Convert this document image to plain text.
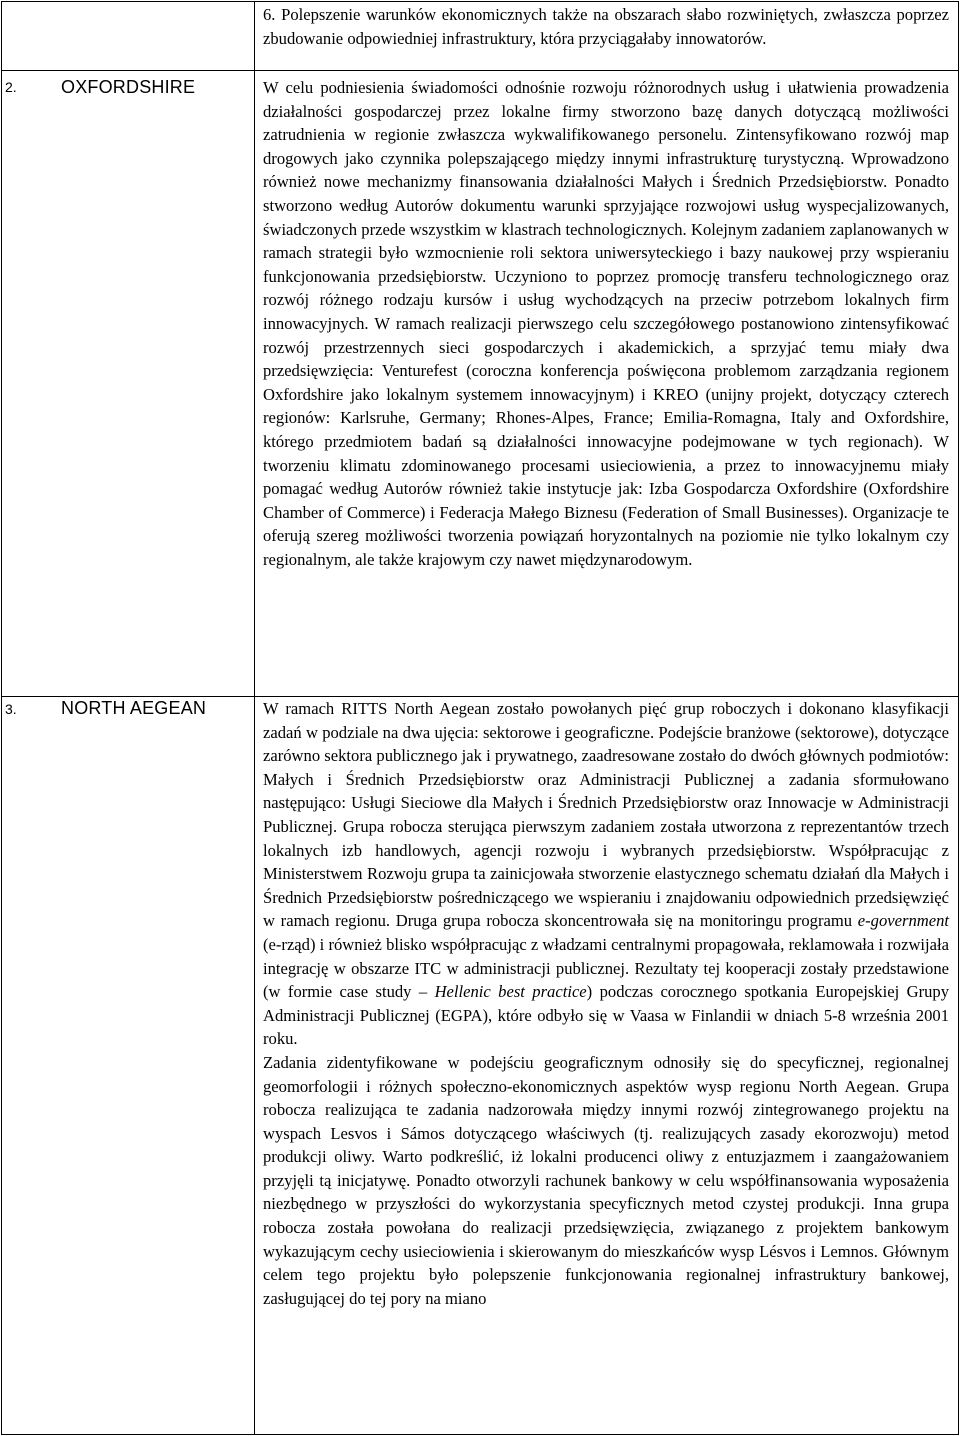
6. Polepszenie warunków ekonomicznych także na obszarach słabo rozwiniętych, zwłaszcza poprzez zbudowanie odpowiedniej infrastruktury, która przyciągałaby innowatorów.

2. OXFORDSHIRE	W celu podniesienia świadomości odnośnie rozwoju różnorodnych usług i ułatwienia prowadzenia działalności gospodarczej przez lokalne firmy stworzono bazę danych dotyczącą możliwości zatrudnienia w regionie zwłaszcza wykwalifikowanego personelu. Zintensyfikowano rozwój map drogowych jako czynnika polepszającego między innymi infrastrukturę turystyczną. Wprowadzono również nowe mechanizmy finansowania działalności Małych i Średnich Przedsiębiorstw. Ponadto stworzono według Autorów dokumentu warunki sprzyjające rozwojowi usług wyspecjalizowanych, świadczonych przede wszystkim w klastrach technologicznych. Kolejnym zadaniem zaplanowanych w ramach strategii było wzmocnienie roli sektora uniwersyteckiego i bazy naukowej przy wspieraniu funkcjonowania przedsiębiorstw. Uczyniono to poprzez promocję transferu technologicznego oraz rozwój różnego rodzaju kursów i usług wychodzących na przeciw potrzebom lokalnych firm innowacyjnych. W ramach realizacji pierwszego celu szczegółowego postanowiono zintensyfikować rozwój przestrzennych sieci gospodarczych i akademickich, a sprzyjać temu miały dwa przedsięwzięcia: Venturefest (coroczna konferencja poświęcona problemom zarządzania regionem Oxfordshire jako lokalnym systemem innowacyjnym) i KREO (unijny projekt, dotyczący czterech regionów: Karlsruhe, Germany; Rhones-Alpes, France; Emilia-Romagna, Italy and Oxfordshire, którego przedmiotem badań są działalności innowacyjne podejmowane w tych regionach). W tworzeniu klimatu zdominowanego procesami usieciowienia, a przez to innowacyjnemu miały pomagać według Autorów również takie instytucje jak: Izba Gospodarcza Oxfordshire (Oxfordshire Chamber of Commerce) i Federacja Małego Biznesu (Federation of Small Businesses). Organizacje te oferują szereg możliwości tworzenia powiązań horyzontalnych na poziomie nie tylko lokalnym czy regionalnym, ale także krajowym czy nawet międzynarodowym.

3. NORTH AEGEAN	W ramach RITTS North Aegean zostało powołanych pięć grup roboczych i dokonano klasyfikacji zadań w podziale na dwa ujęcia: sektorowe i geograficzne. Podejście branżowe (sektorowe), dotyczące zarówno sektora publicznego jak i prywatnego, zaadresowane zostało do dwóch głównych podmiotów: Małych i Średnich Przedsiębiorstw oraz Administracji Publicznej a zadania sformułowano następująco: Usługi Sieciowe dla Małych i Średnich Przedsiębiorstw oraz Innowacje w Administracji Publicznej. Grupa robocza sterująca pierwszym zadaniem została utworzona z reprezentantów trzech lokalnych izb handlowych, agencji rozwoju i wybranych przedsiębiorstw. Współpracując z Ministerstwem Rozwoju grupa ta zainicjowała stworzenie elastycznego schematu działań dla Małych i Średnich Przedsiębiorstw pośredniczącego we wspieraniu i znajdowaniu odpowiednich przedsięwzięć w ramach regionu. Druga grupa robocza skoncentrowała się na monitoringu programu e-government (e-rząd) i również blisko współpracując z władzami centralnymi propagowała, reklamowała i rozwijała integrację w obszarze ITC w administracji publicznej. Rezultaty tej kooperacji zostały przedstawione (w formie case study – Hellenic best practice) podczas corocznego spotkania Europejskiej Grupy Administracji Publicznej (EGPA), które odbyło się w Vaasa w Finlandii w dniach 5-8 września 2001 roku.

Zadania zidentyfikowane w podejściu geograficznym odnosiły się do specyficznej, regionalnej geomorfologii i różnych społeczno-ekonomicznych aspektów wysp regionu North Aegean. Grupa robocza realizująca te zadania nadzorowała między innymi rozwój zintegrowanego projektu na wyspach Lesvos i Sámos dotyczącego właściwych (tj. realizujących zasady ekorozwoju) metod produkcji oliwy. Warto podkreślić, iż lokalni producenci oliwy z entuzjazmem i zaangażowaniem przyjęli tą inicjatywę. Ponadto otworzyli rachunek bankowy w celu współfinansowania wyposażenia niezbędnego w przyszłości do wykorzystania specyficznych metod czystej produkcji. Inna grupa robocza została powołana do realizacji przedsięwzięcia, związanego z projektem bankowym wykazującym cechy usieciowienia i skierowanym do mieszkańców wysp Lésvos i Lemnos. Głównym celem tego projektu było polepszenie funkcjonowania regionalnej infrastruktury bankowej, zasługującej do tej pory na miano
